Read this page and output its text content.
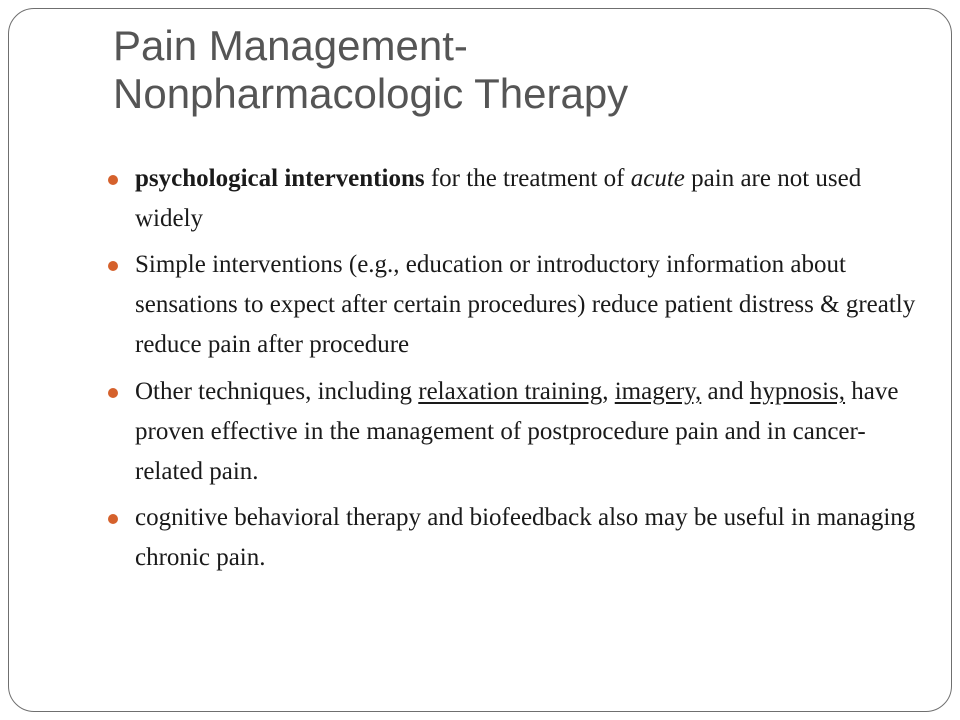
Pain Management-
Nonpharmacologic Therapy
psychological interventions for the treatment of acute pain are not used widely
Simple interventions (e.g., education or introductory information about sensations to expect after certain procedures) reduce patient distress & greatly reduce pain after procedure
Other techniques, including relaxation training, imagery, and hypnosis, have proven effective in the management of postprocedure pain and in cancer-related pain.
cognitive behavioral therapy and biofeedback also may be useful in managing chronic pain.
